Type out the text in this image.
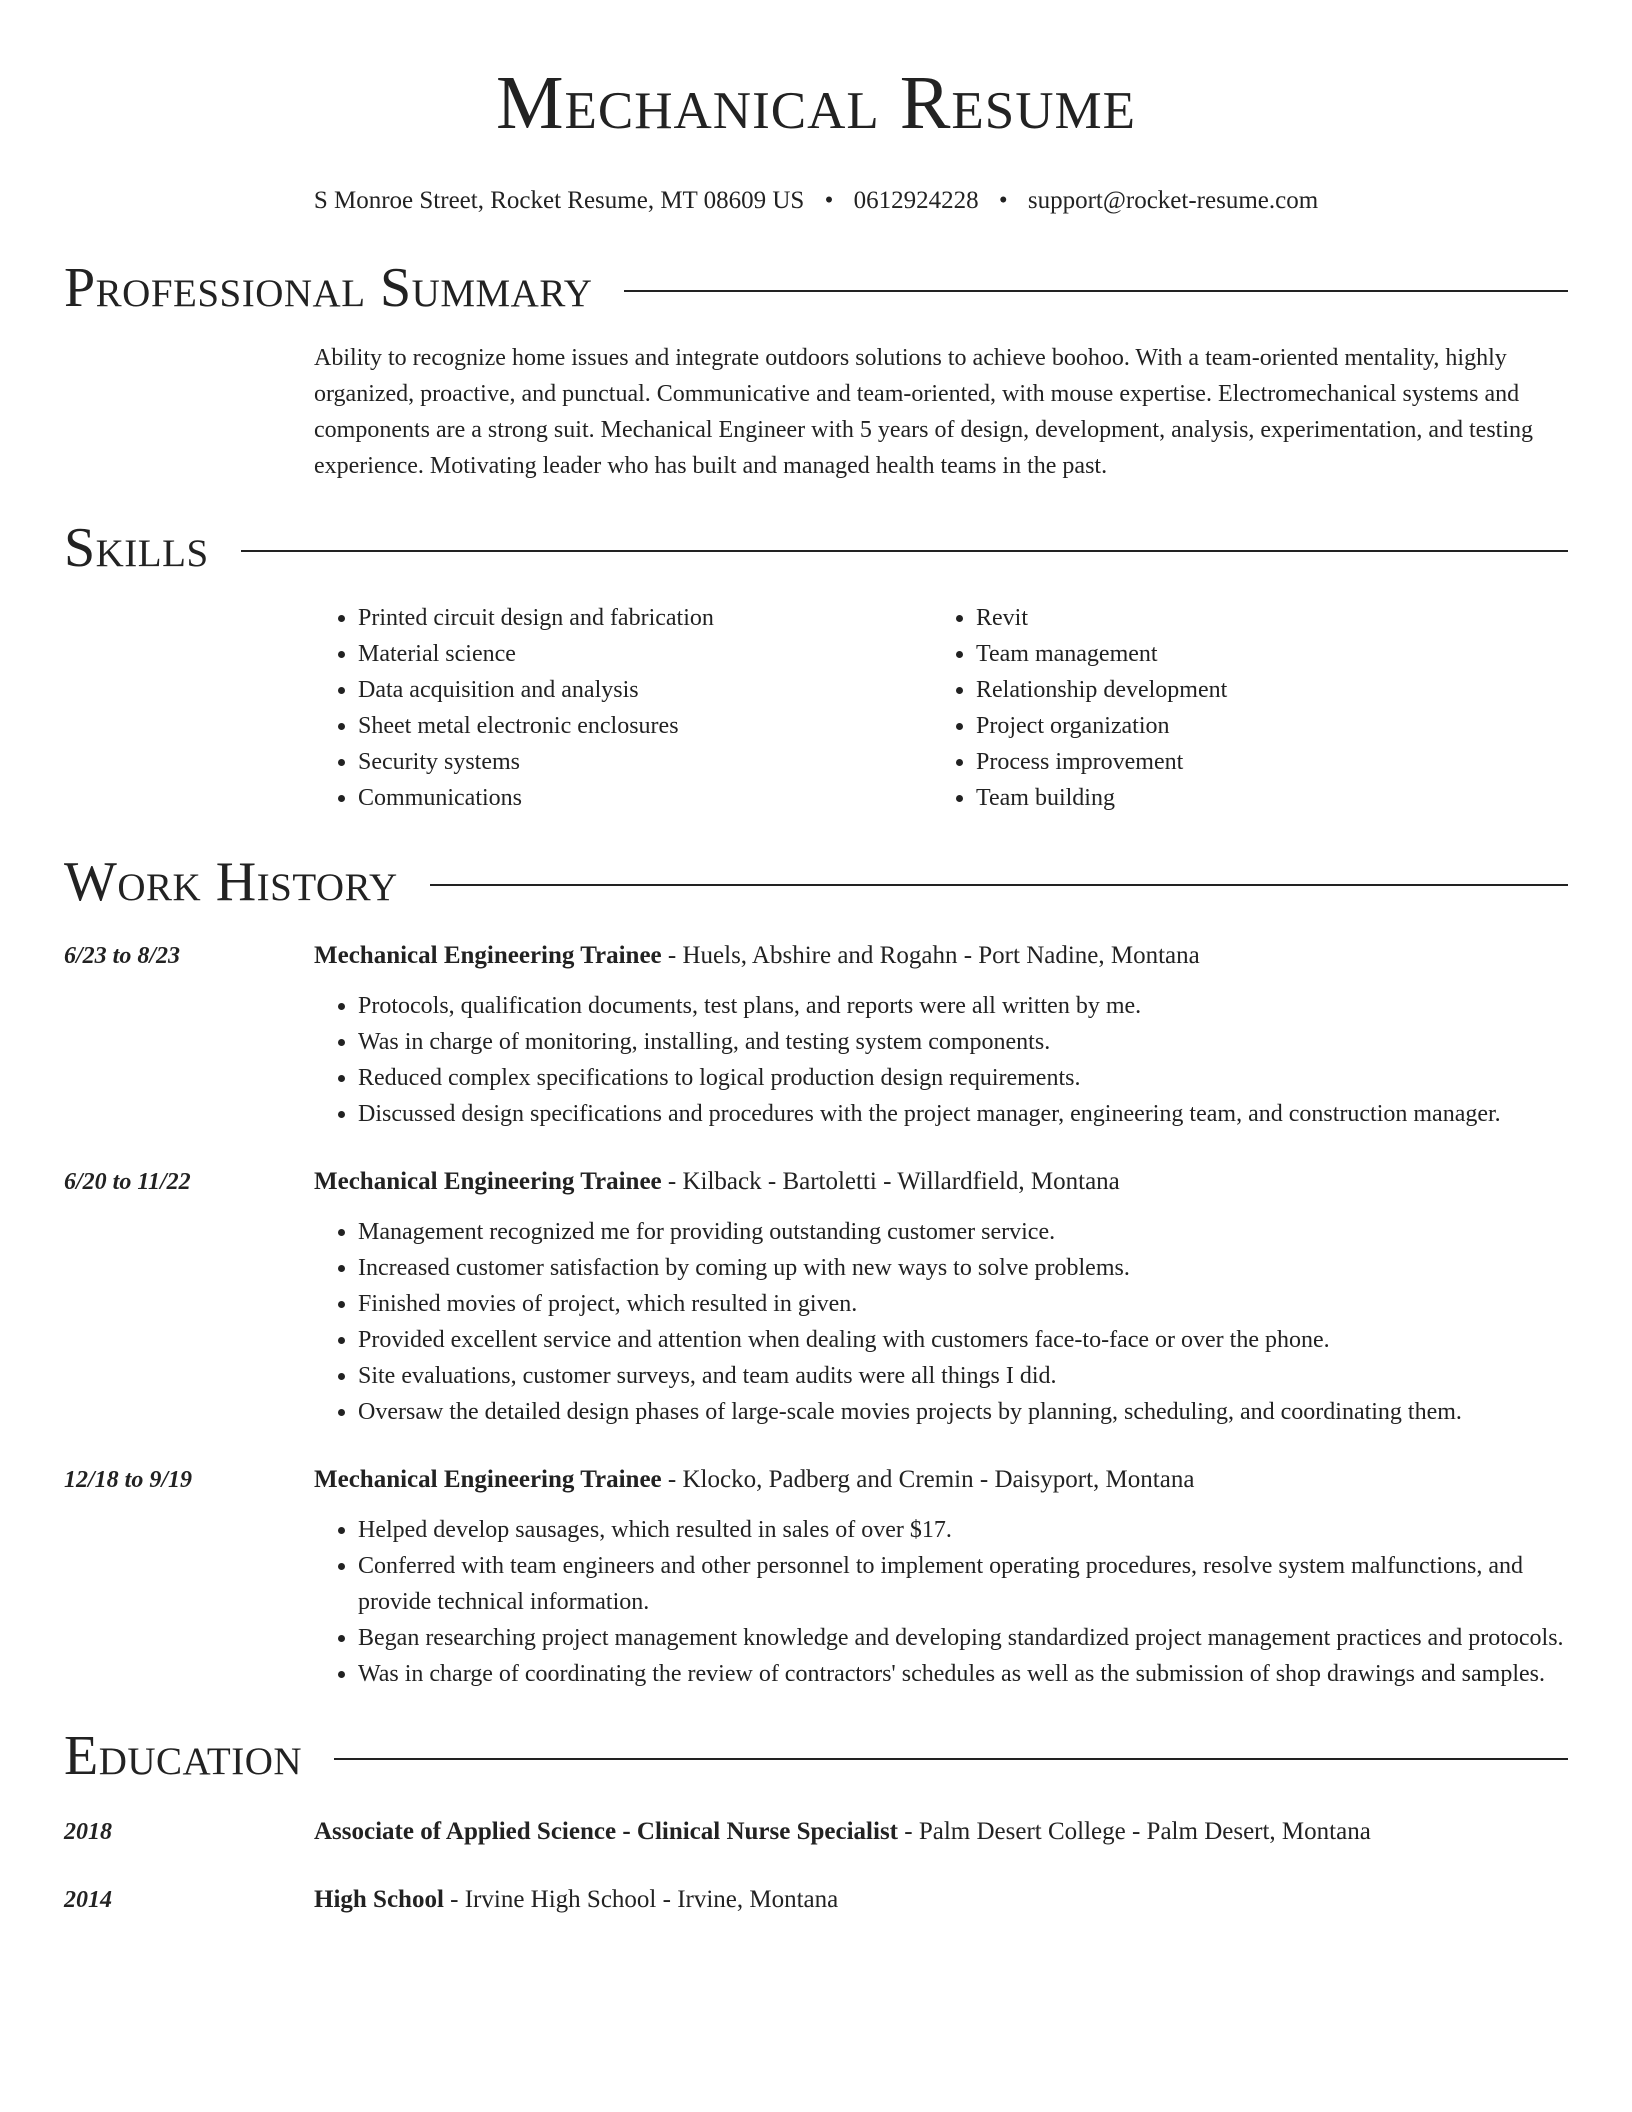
Mechanical Resume
S Monroe Street, Rocket Resume, MT 08609 US • 0612924228 • support@rocket-resume.com
Professional Summary
Ability to recognize home issues and integrate outdoors solutions to achieve boohoo. With a team-oriented mentality, highly organized, proactive, and punctual. Communicative and team-oriented, with mouse expertise. Electromechanical systems and components are a strong suit. Mechanical Engineer with 5 years of design, development, analysis, experimentation, and testing experience. Motivating leader who has built and managed health teams in the past.
Skills
• Printed circuit design and fabrication
• Material science
• Data acquisition and analysis
• Sheet metal electronic enclosures
• Security systems
• Communications
• Revit
• Team management
• Relationship development
• Project organization
• Process improvement
• Team building
Work History
6/23 to 8/23	Mechanical Engineering Trainee - Huels, Abshire and Rogahn - Port Nadine, Montana
• Protocols, qualification documents, test plans, and reports were all written by me.
• Was in charge of monitoring, installing, and testing system components.
• Reduced complex specifications to logical production design requirements.
• Discussed design specifications and procedures with the project manager, engineering team, and construction manager.
6/20 to 11/22	Mechanical Engineering Trainee - Kilback - Bartoletti - Willardfield, Montana
• Management recognized me for providing outstanding customer service.
• Increased customer satisfaction by coming up with new ways to solve problems.
• Finished movies of project, which resulted in given.
• Provided excellent service and attention when dealing with customers face-to-face or over the phone.
• Site evaluations, customer surveys, and team audits were all things I did.
• Oversaw the detailed design phases of large-scale movies projects by planning, scheduling, and coordinating them.
12/18 to 9/19	Mechanical Engineering Trainee - Klocko, Padberg and Cremin - Daisyport, Montana
• Helped develop sausages, which resulted in sales of over $17.
• Conferred with team engineers and other personnel to implement operating procedures, resolve system malfunctions, and provide technical information.
• Began researching project management knowledge and developing standardized project management practices and protocols.
• Was in charge of coordinating the review of contractors' schedules as well as the submission of shop drawings and samples.
Education
2018	Associate of Applied Science - Clinical Nurse Specialist - Palm Desert College - Palm Desert, Montana
2014	High School - Irvine High School - Irvine, Montana
